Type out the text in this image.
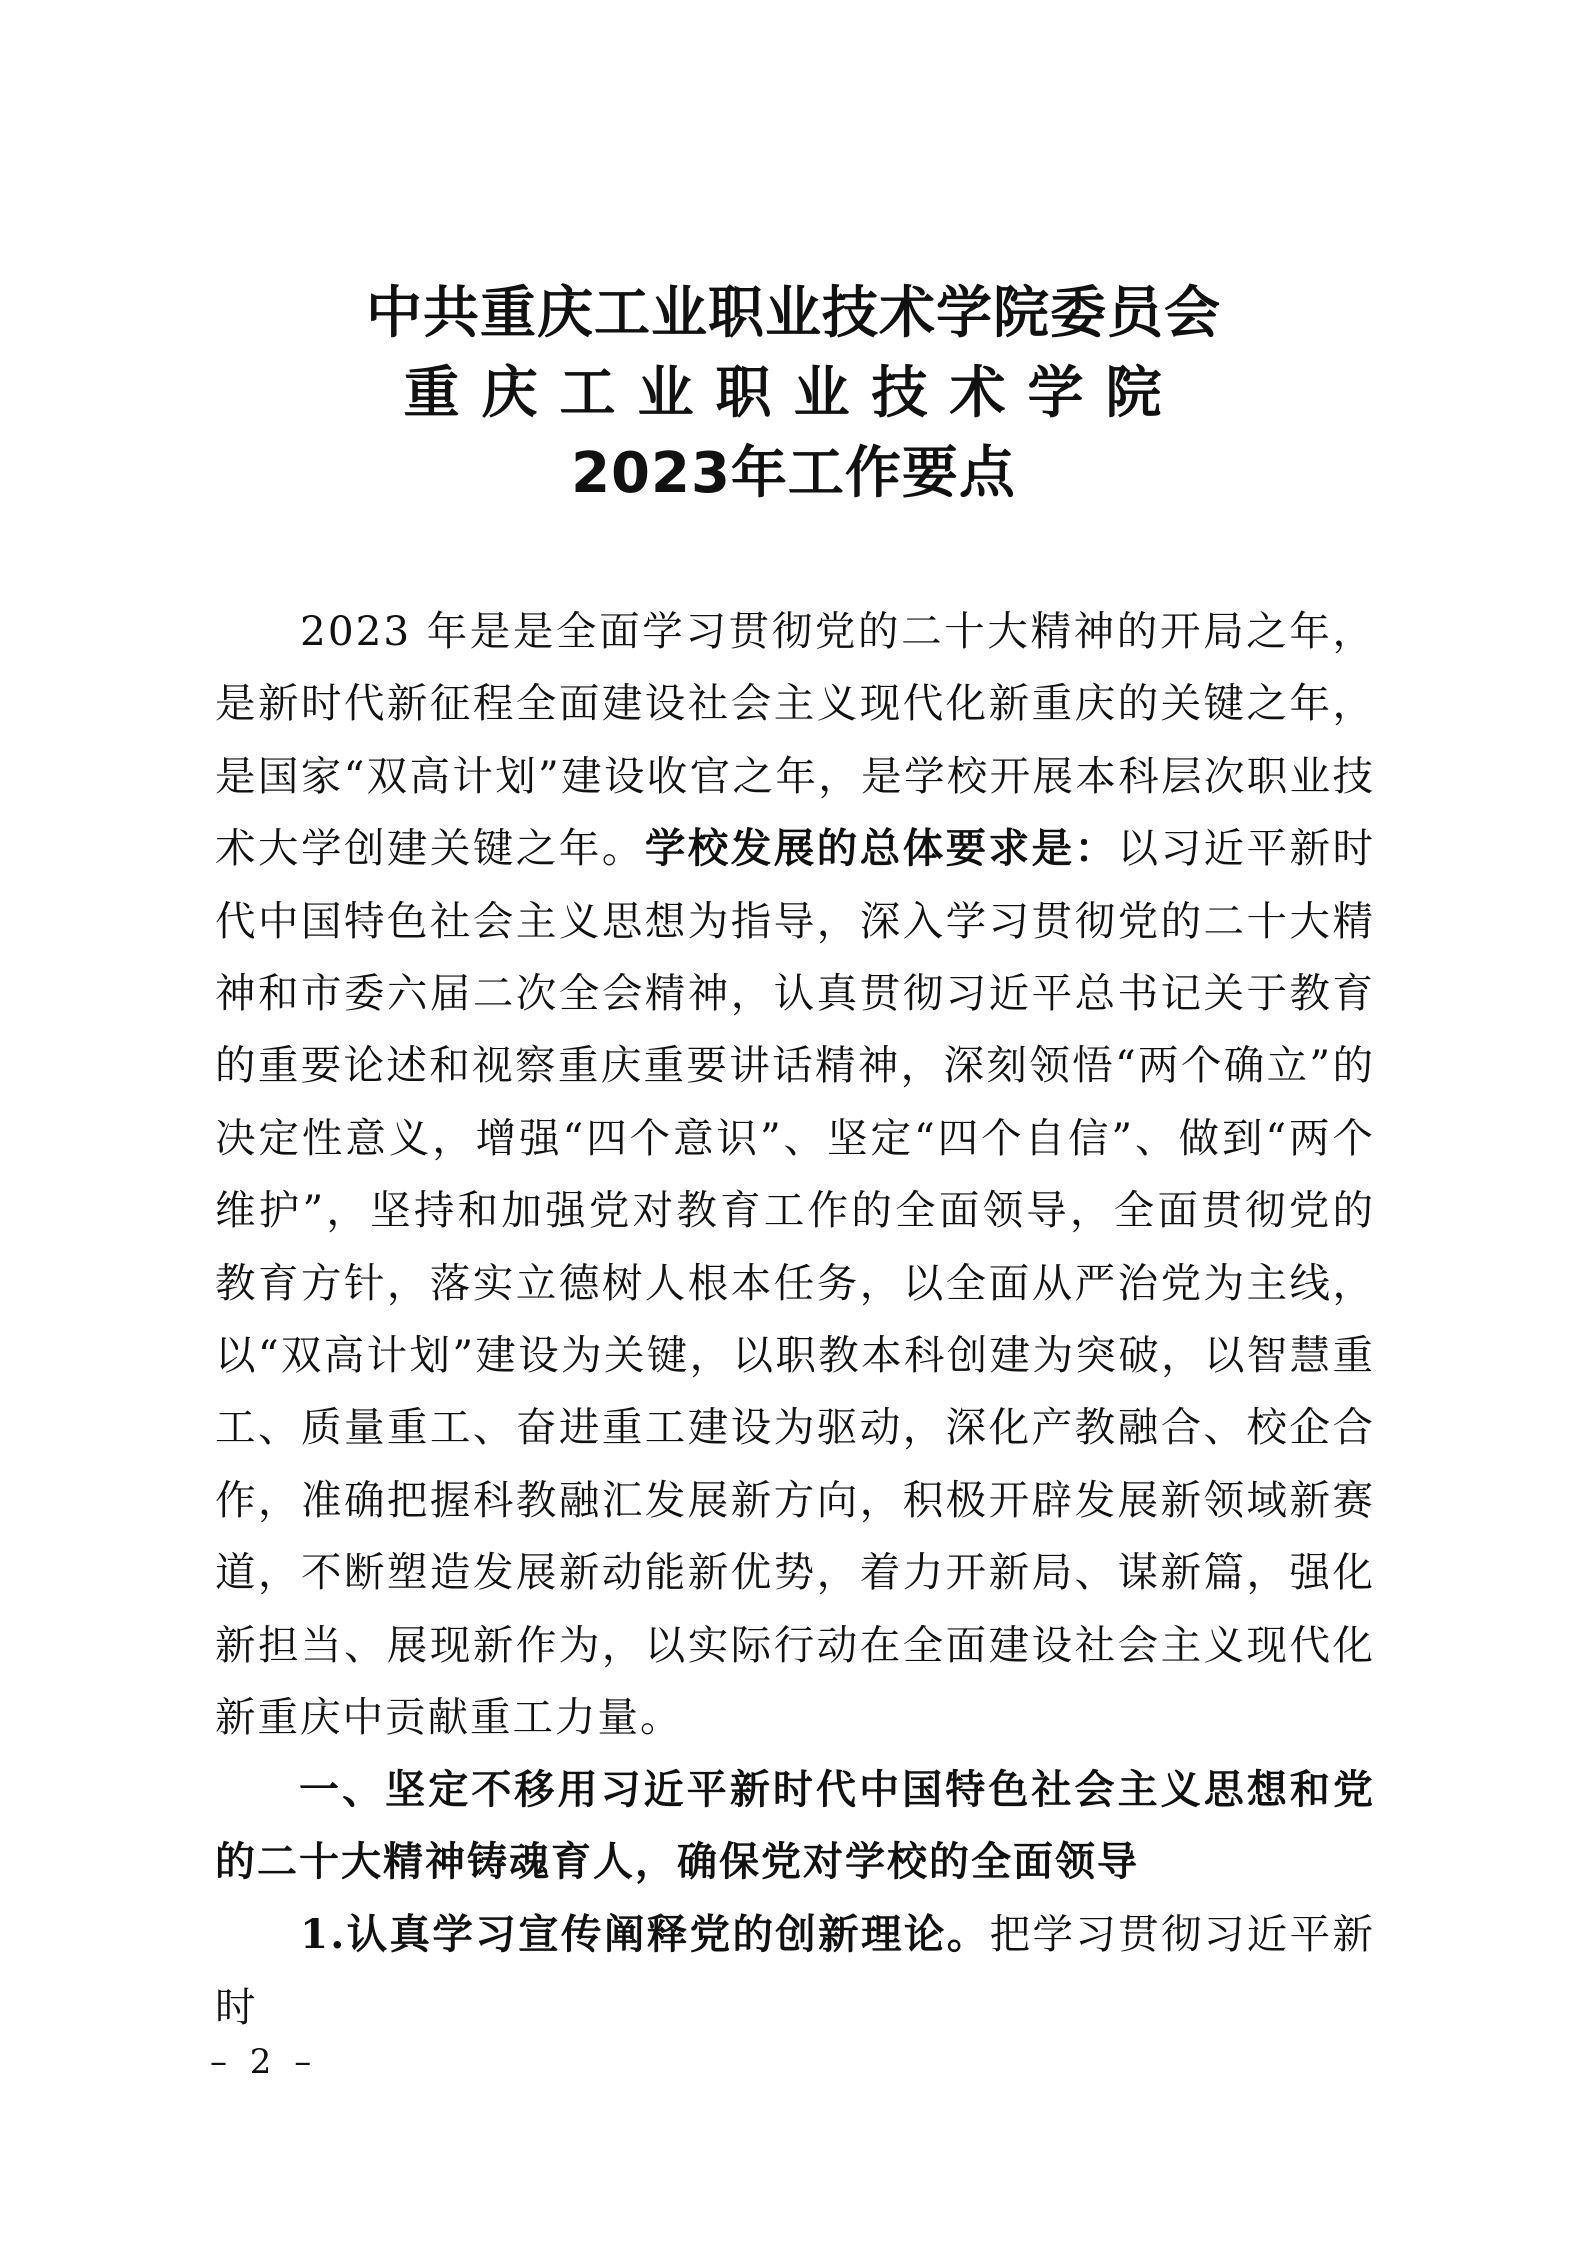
中共重庆工业职业技术学院委员会
重庆工业职业技术学院
2023年工作要点

2023 年是是全面学习贯彻党的二十大精神的开局之年，是新时代新征程全面建设社会主义现代化新重庆的关键之年，是国家“双高计划”建设收官之年，是学校开展本科层次职业技术大学创建关键之年。学校发展的总体要求是：以习近平新时代中国特色社会主义思想为指导，深入学习贯彻党的二十大精神和市委六届二次全会精神，认真贯彻习近平总书记关于教育的重要论述和视察重庆重要讲话精神，深刻领悟“两个确立”的决定性意义，增强“四个意识”、坚定“四个自信”、做到“两个维护”，坚持和加强党对教育工作的全面领导，全面贯彻党的教育方针，落实立德树人根本任务，以全面从严治党为主线，以“双高计划”建设为关键，以职教本科创建为突破，以智慧重工、质量重工、奋进重工建设为驱动，深化产教融合、校企合作，准确把握科教融汇发展新方向，积极开辟发展新领域新赛道，不断塑造发展新动能新优势，着力开新局、谋新篇，强化新担当、展现新作为，以实际行动在全面建设社会主义现代化新重庆中贡献重工力量。

一、坚定不移用习近平新时代中国特色社会主义思想和党的二十大精神铸魂育人，确保党对学校的全面领导

1.认真学习宣传阐释党的创新理论。把学习贯彻习近平新时

– 2 –
